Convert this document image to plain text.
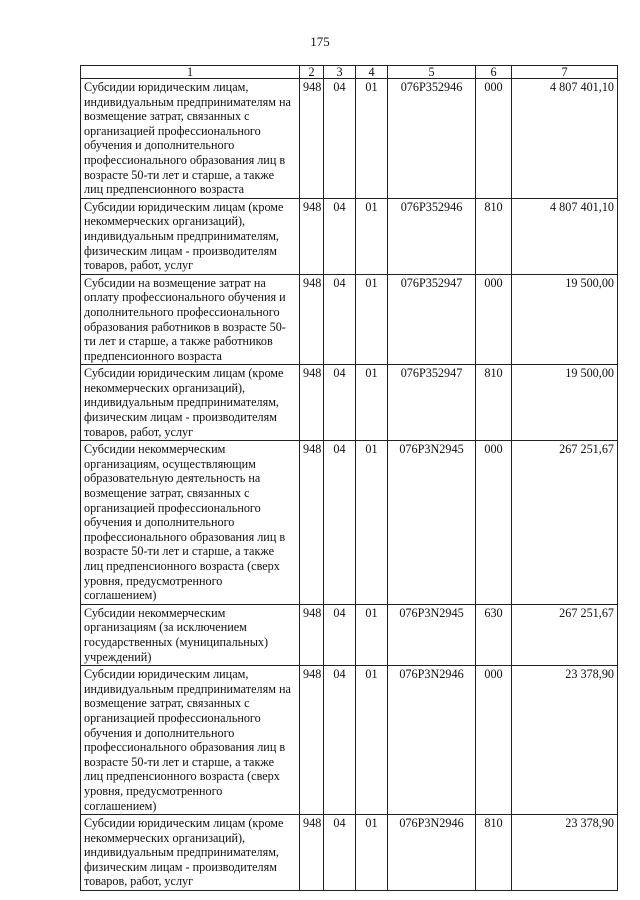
175
1	2	3	4	5	6	7
Субсидии юридическим лицам, индивидуальным предпринимателям на возмещение затрат, связанных с организацией профессионального обучения и дополнительного профессионального образования лиц в возрасте 50-ти лет и старше, а также лиц предпенсионного возраста	948	04	01	076P352946	000	4 807 401,10
Субсидии юридическим лицам (кроме некоммерческих организаций), индивидуальным предпринимателям, физическим лицам - производителям товаров, работ, услуг	948	04	01	076P352946	810	4 807 401,10
Субсидии на возмещение затрат на оплату профессионального обучения и дополнительного профессионального образования работников в возрасте 50-ти лет и старше, а также работников предпенсионного возраста	948	04	01	076P352947	000	19 500,00
Субсидии юридическим лицам (кроме некоммерческих организаций), индивидуальным предпринимателям, физическим лицам - производителям товаров, работ, услуг	948	04	01	076P352947	810	19 500,00
Субсидии некоммерческим организациям, осуществляющим образовательную деятельность на возмещение затрат, связанных с организацией профессионального обучения и дополнительного профессионального образования лиц в возрасте 50-ти лет и старше, а также лиц предпенсионного возраста (сверх уровня, предусмотренного соглашением)	948	04	01	076P3N2945	000	267 251,67
Субсидии некоммерческим организациям (за исключением государственных (муниципальных) учреждений)	948	04	01	076P3N2945	630	267 251,67
Субсидии юридическим лицам, индивидуальным предпринимателям на возмещение затрат, связанных с организацией профессионального обучения и дополнительного профессионального образования лиц в возрасте 50-ти лет и старше, а также лиц предпенсионного возраста (сверх уровня, предусмотренного соглашением)	948	04	01	076P3N2946	000	23 378,90
Субсидии юридическим лицам (кроме некоммерческих организаций), индивидуальным предпринимателям, физическим лицам - производителям товаров, работ, услуг	948	04	01	076P3N2946	810	23 378,90
